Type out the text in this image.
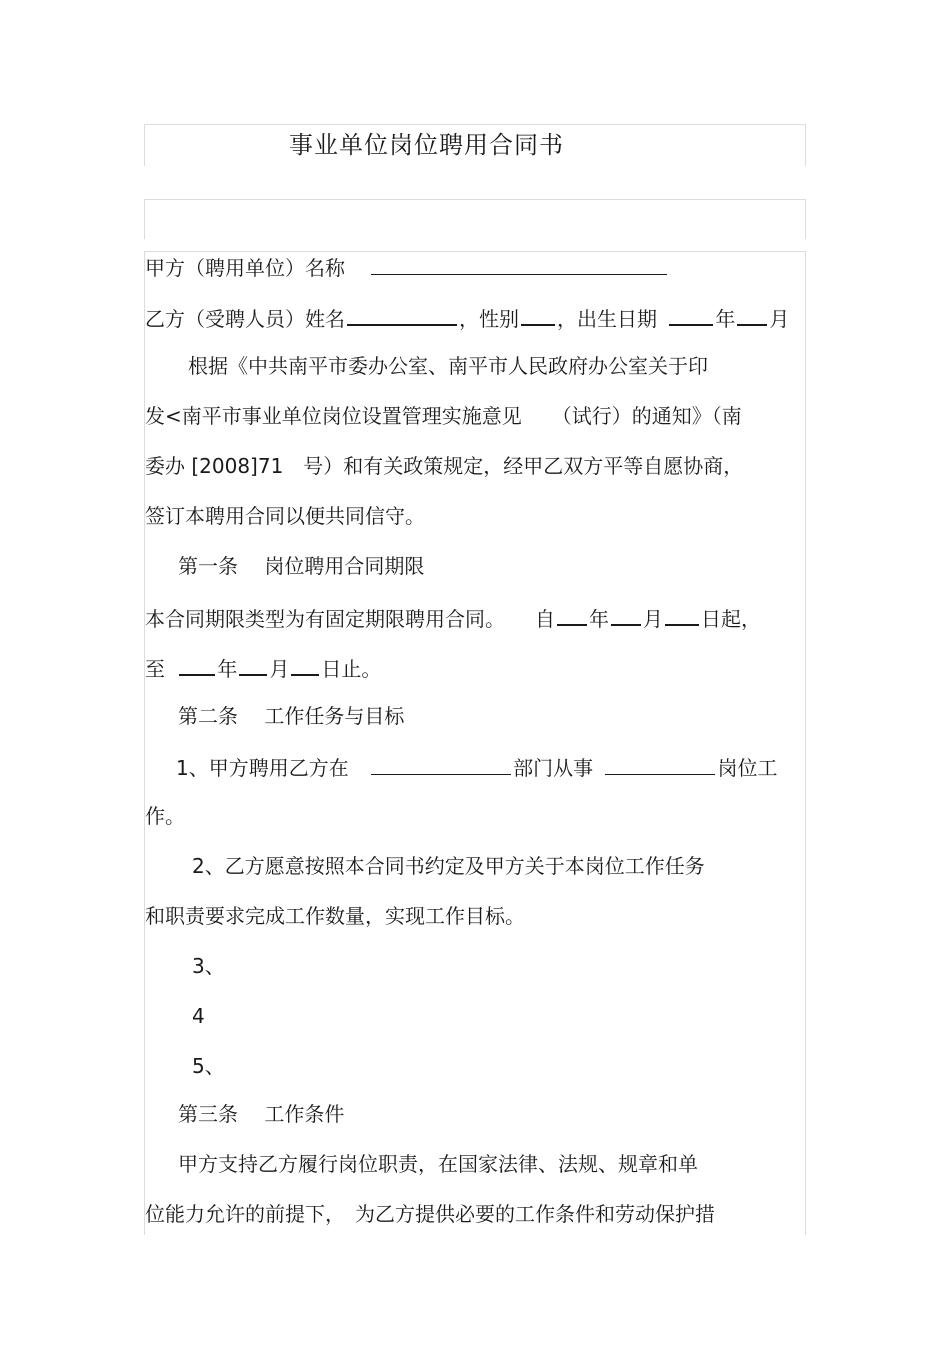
事业单位岗位聘用合同书
甲方（聘用单位）名称
乙方（受聘人员）姓名	，性别 ，出生日期	年 月
根据《中共南平市委办公室、南平市人民政府办公室关于印
发<南平市事业单位岗位设置管理实施意见　　（试行）的通知》（南
委办 [2008]71　号）和有关政策规定，经甲乙双方平等自愿协商，
签订本聘用合同以便共同信守。
第一条　 岗位聘用合同期限
本合同期限类型为有固定期限聘用合同。　　自 年 月 日起，
至	年 月 日止。
第二条　 工作任务与目标
1、甲方聘用乙方在	部门从事	岗位工
作。
2、乙方愿意按照本合同书约定及甲方关于本岗位工作任务
和职责要求完成工作数量，实现工作目标。
3、
4
5、
第三条　 工作条件
甲方支持乙方履行岗位职责，在国家法律、法规、规章和单
位能力允许的前提下，　为乙方提供必要的工作条件和劳动保护措
